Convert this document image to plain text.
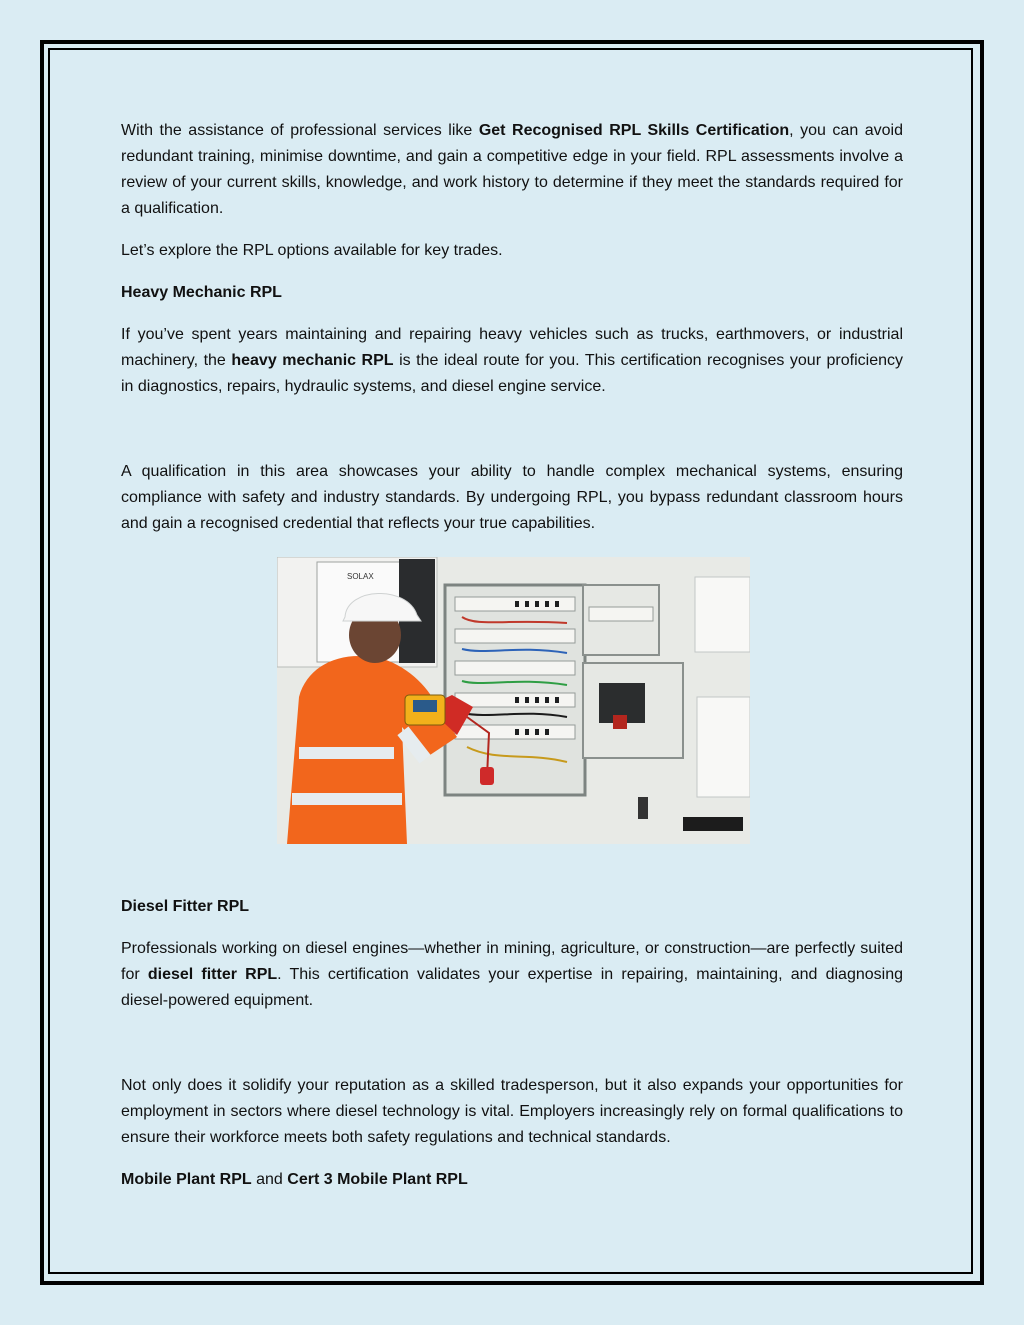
With the assistance of professional services like Get Recognised RPL Skills Certification, you can avoid redundant training, minimise downtime, and gain a competitive edge in your field. RPL assessments involve a review of your current skills, knowledge, and work history to determine if they meet the standards required for a qualification.

Let’s explore the RPL options available for key trades.

Heavy Mechanic RPL

If you’ve spent years maintaining and repairing heavy vehicles such as trucks, earthmovers, or industrial machinery, the heavy mechanic RPL is the ideal route for you. This certification recognises your proficiency in diagnostics, repairs, hydraulic systems, and diesel engine service.

A qualification in this area showcases your ability to handle complex mechanical systems, ensuring compliance with safety and industry standards. By undergoing RPL, you bypass redundant classroom hours and gain a recognised credential that reflects your true capabilities.

Diesel Fitter RPL

Professionals working on diesel engines—whether in mining, agriculture, or construction—are perfectly suited for diesel fitter RPL. This certification validates your expertise in repairing, maintaining, and diagnosing diesel-powered equipment.

Not only does it solidify your reputation as a skilled tradesperson, but it also expands your opportunities for employment in sectors where diesel technology is vital. Employers increasingly rely on formal qualifications to ensure their workforce meets both safety regulations and technical standards.

Mobile Plant RPL and Cert 3 Mobile Plant RPL

SOLAX
